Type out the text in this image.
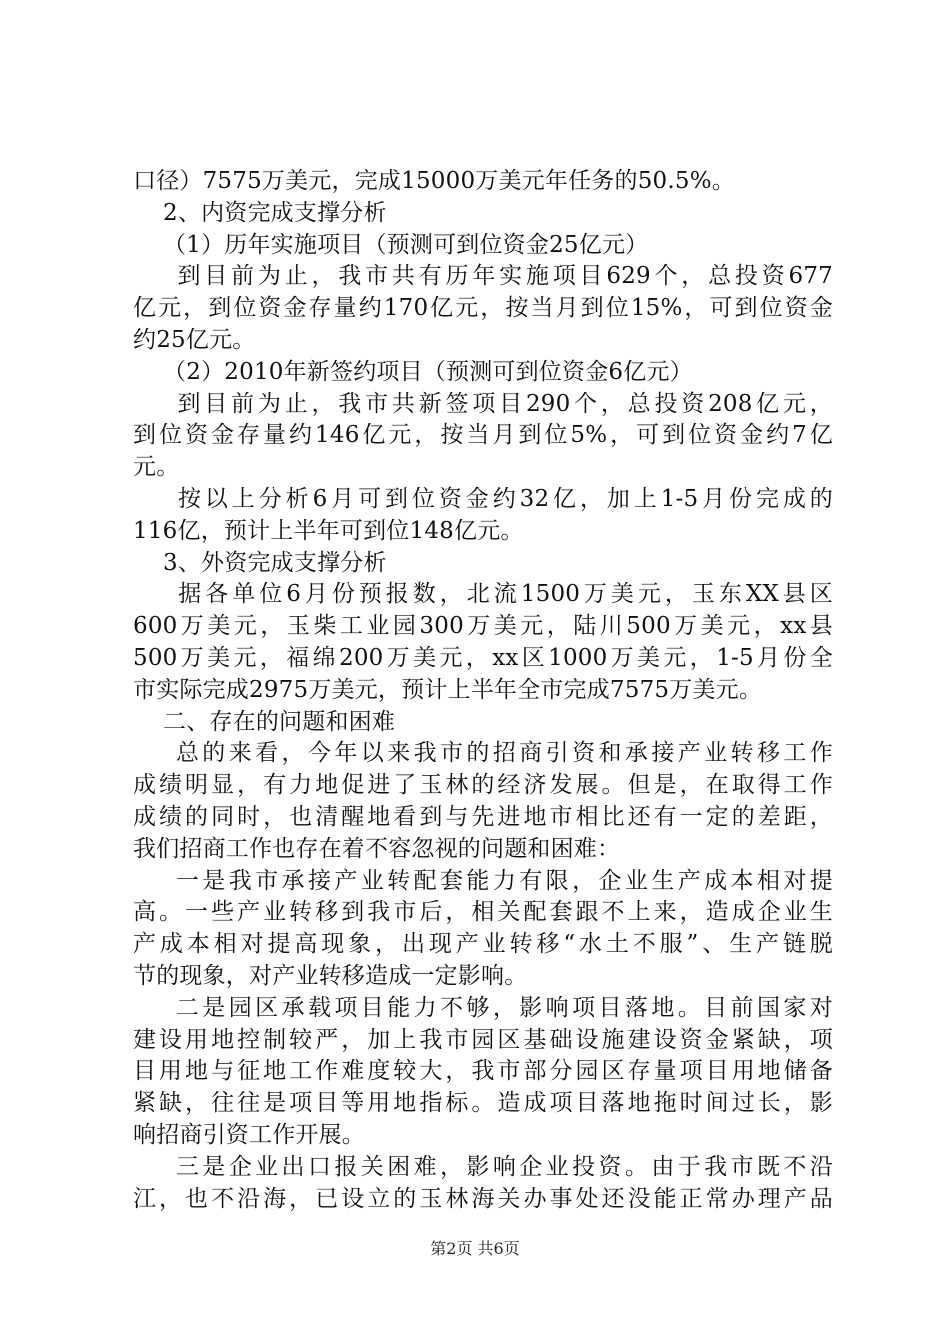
口径）7575万美元，完成15000万美元年任务的50.5%。
2、内资完成支撑分析
（1）历年实施项目（预测可到位资金25亿元）
到目前为止，我市共有历年实施项目629个，总投资677
亿元，到位资金存量约170亿元，按当月到位15%，可到位资金
约25亿元。
（2）2010年新签约项目（预测可到位资金6亿元）
到目前为止，我市共新签项目290个，总投资208亿元，
到位资金存量约146亿元，按当月到位5%，可到位资金约7亿
元。
按以上分析6月可到位资金约32亿，加上1-5月份完成的
116亿，预计上半年可到位148亿元。
3、外资完成支撑分析
据各单位6月份预报数，北流1500万美元，玉东XX县区
600万美元，玉柴工业园300万美元，陆川500万美元，xx县
500万美元，福绵200万美元，xx区1000万美元，1-5月份全
市实际完成2975万美元，预计上半年全市完成7575万美元。
二、存在的问题和困难
总的来看，今年以来我市的招商引资和承接产业转移工作
成绩明显，有力地促进了玉林的经济发展。但是，在取得工作
成绩的同时，也清醒地看到与先进地市相比还有一定的差距，
我们招商工作也存在着不容忽视的问题和困难：
一是我市承接产业转配套能力有限，企业生产成本相对提
高。一些产业转移到我市后，相关配套跟不上来，造成企业生
产成本相对提高现象，出现产业转移“水土不服”、生产链脱
节的现象，对产业转移造成一定影响。
二是园区承载项目能力不够，影响项目落地。目前国家对
建设用地控制较严，加上我市园区基础设施建设资金紧缺，项
目用地与征地工作难度较大，我市部分园区存量项目用地储备
紧缺，往往是项目等用地指标。造成项目落地拖时间过长，影
响招商引资工作开展。
三是企业出口报关困难，影响企业投资。由于我市既不沿
江，也不沿海，已设立的玉林海关办事处还没能正常办理产品
第2页 共6页
